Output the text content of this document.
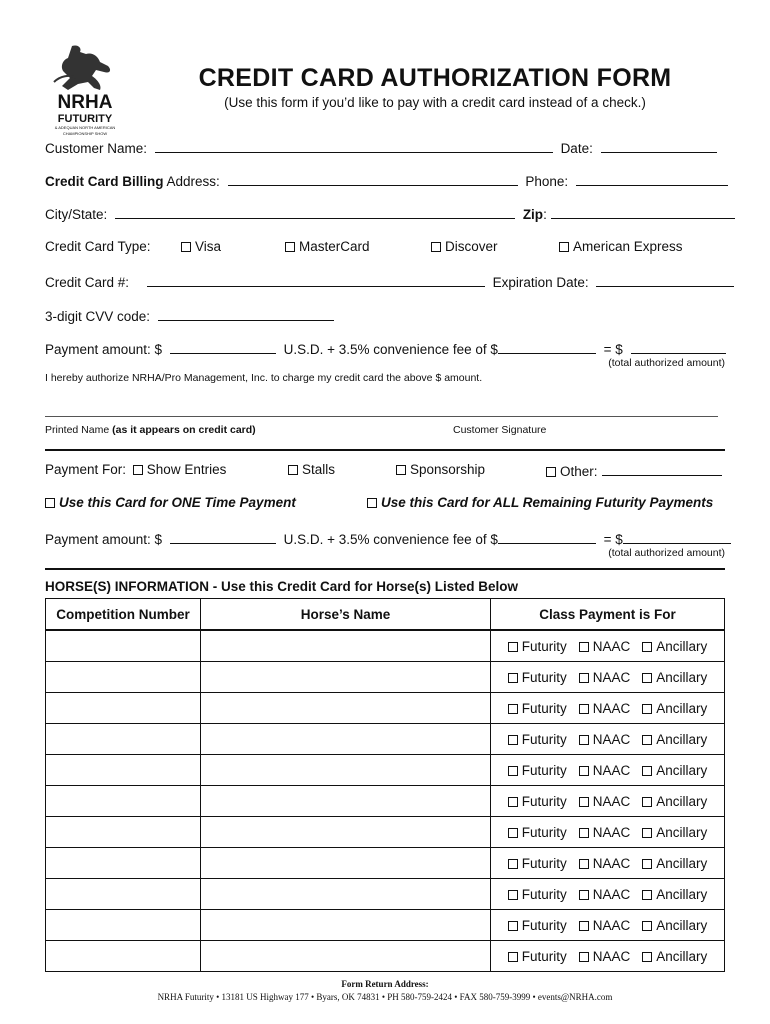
NRHA
FUTURITY
& ADEQUAN NORTH AMERICAN
CHAMPIONSHIP SHOW
CREDIT CARD AUTHORIZATION FORM
(Use this form if you’d like to pay with a credit card instead of a check.)
Customer Name:	Date:
Credit Card Billing Address:	Phone:
City/State:	Zip:
Credit Card Type:	Visa	MasterCard	Discover	American Express
Credit Card #:	Expiration Date:
3-digit CVV code:
Payment amount: $	U.S.D. + 3.5% convenience fee of $	= $
(total authorized amount)
I hereby authorize NRHA/Pro Management, Inc. to charge my credit card the above $ amount.
Printed Name (as it appears on credit card)	Customer Signature
Payment For: Show Entries	Stalls	Sponsorship	Other:
Use this Card for ONE Time Payment	Use this Card for ALL Remaining Futurity Payments
Payment amount: $	U.S.D. + 3.5% convenience fee of $	= $
(total authorized amount)
HORSE(S) INFORMATION - Use this Credit Card for Horse(s) Listed Below
Competition Number	Horse’s Name	Class Payment is For
		Futurity NAAC Ancillary
		Futurity NAAC Ancillary
		Futurity NAAC Ancillary
		Futurity NAAC Ancillary
		Futurity NAAC Ancillary
		Futurity NAAC Ancillary
		Futurity NAAC Ancillary
		Futurity NAAC Ancillary
		Futurity NAAC Ancillary
		Futurity NAAC Ancillary
		Futurity NAAC Ancillary
Form Return Address:
NRHA Futurity • 13181 US Highway 177 • Byars, OK 74831 • PH 580-759-2424 • FAX 580-759-3999 • events@NRHA.com
